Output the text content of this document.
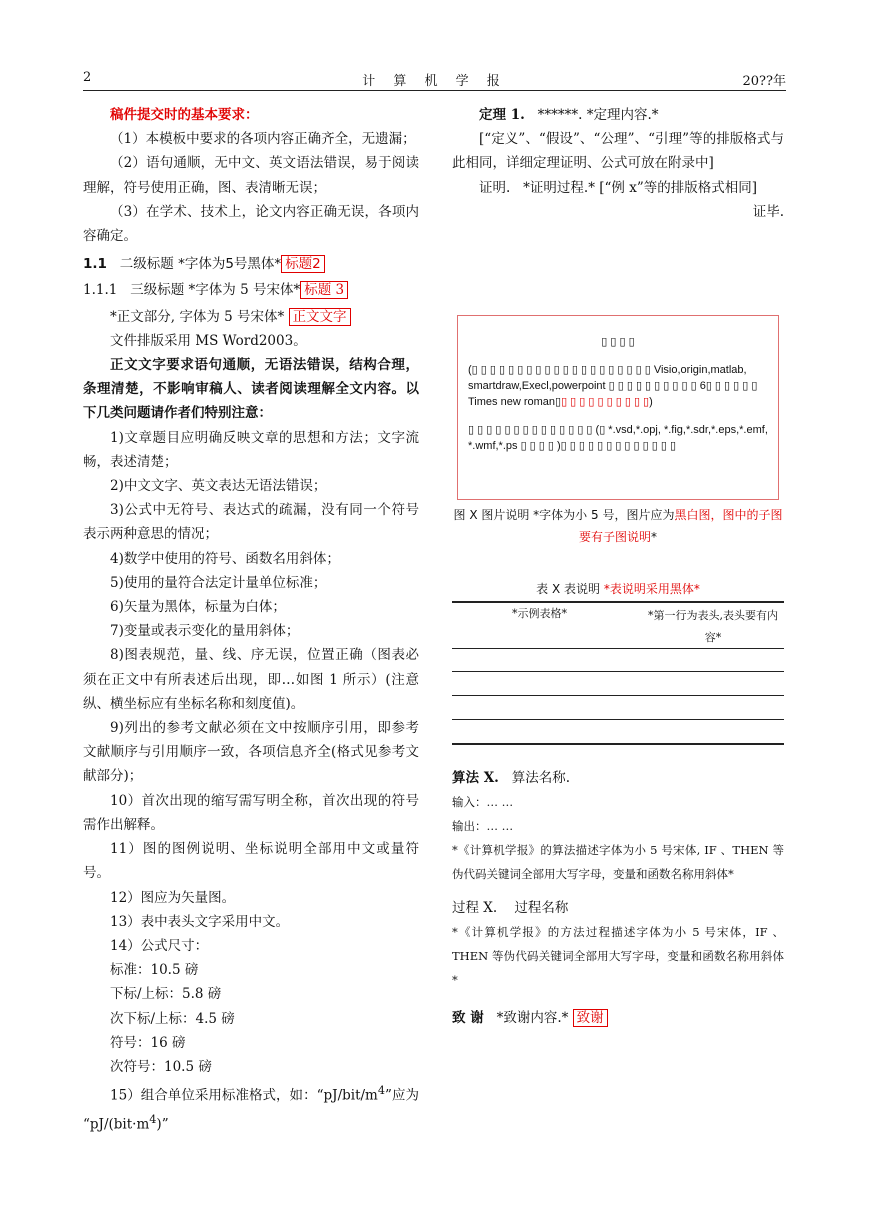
2	计 算 机 学 报	20??年

稿件提交时的基本要求：

（1）本模板中要求的各项内容正确齐全，无遗漏；

（2）语句通顺，无中文、英文语法错误，易于阅读理解，符号使用正确，图、表清晰无误；

（3）在学术、技术上，论文内容正确无误，各项内容确定。

1.1 二级标题 *字体为5号黑体* 标题2

1.1.1 三级标题 *字体为 5 号宋体* 标题 3

*正文部分, 字体为 5 号宋体* 正文文字

文件排版采用 MS Word2003。

正文文字要求语句通顺，无语法错误，结构合理，条理清楚，不影响审稿人、读者阅读理解全文内容。以下几类问题请作者们特别注意：

1)文章题目应明确反映文章的思想和方法；文字流畅，表述清楚；

2)中文文字、英文表达无语法错误；

3)公式中无符号、表达式的疏漏，没有同一个符号表示两种意思的情况；

4)数学中使用的符号、函数名用斜体；

5)使用的量符合法定计量单位标准；

6)矢量为黑体，标量为白体；

7)变量或表示变化的量用斜体；

8)图表规范，量、线、序无误，位置正确（图表必须在正文中有所表述后出现，即…如图 1 所示）(注意纵、横坐标应有坐标名称和刻度值)。

9)列出的参考文献必须在文中按顺序引用，即参考文献顺序与引用顺序一致，各项信息齐全(格式见参考文献部分)；

10）首次出现的缩写需写明全称，首次出现的符号需作出解释。

11）图的图例说明、坐标说明全部用中文或量符号。

12）图应为矢量图。

13）表中表头文字采用中文。

14）公式尺寸：

标准：10.5 磅

下标/上标：5.8 磅

次下标/上标：4.5 磅

符号：16 磅

次符号：10.5 磅

15）组合单位采用标准格式，如：“$pJ/bit/m^4$”应为 “$pJ/(bit\cdot m^4)$”

定理 1. ******. *定理内容.*

[“定义”、“假设”、“公理”、“引理”等的排版格式与此相同，详细定理证明、公式可放在附录中]

证明. *证明过程.* [“例 x”等的排版格式相同]

证毕.

▯ ▯ ▯ ▯

(▯ ▯ ▯ ▯ ▯ ▯ ▯ ▯ ▯ ▯ ▯ ▯ ▯ ▯ ▯ ▯ ▯ ▯ ▯ ▯ Visio,origin,matlab, smartdraw,Execl,powerpoint ▯ ▯ ▯ ▯ ▯ ▯ ▯ ▯ ▯ ▯ 6▯ ▯ ▯ ▯ ▯ ▯ Times new roman▯▯ ▯ ▯ ▯ ▯ ▯ ▯ ▯ ▯ ▯)

▯ ▯ ▯ ▯ ▯ ▯ ▯ ▯ ▯ ▯ ▯ ▯ ▯ ▯ (▯ *.vsd,*.opj, *.fig,*.sdr,*.eps,*.emf, *.wmf,*.ps ▯ ▯ ▯ ▯ )▯ ▯ ▯ ▯ ▯ ▯ ▯ ▯ ▯ ▯ ▯ ▯ ▯

图 X 图片说明 *字体为小 5 号，图片应为黑白图，图中的子图要有子图说明*
表 X 表说明 *表说明采用黑体*
*示例表格*	*第一行为表头,表头要有内容*

算法 X. 算法名称.

输入：… …

输出：… …

*《计算机学报》的算法描述字体为小 5 号宋体, IF 、THEN 等伪代码关键词全部用大写字母，变量和函数名称用斜体*

过程 X. 过程名称

*《计算机学报》的方法过程描述字体为小 5 号宋体，IF 、THEN 等伪代码关键词全部用大写字母，变量和函数名称用斜体*

致 谢 *致谢内容.* 致谢
